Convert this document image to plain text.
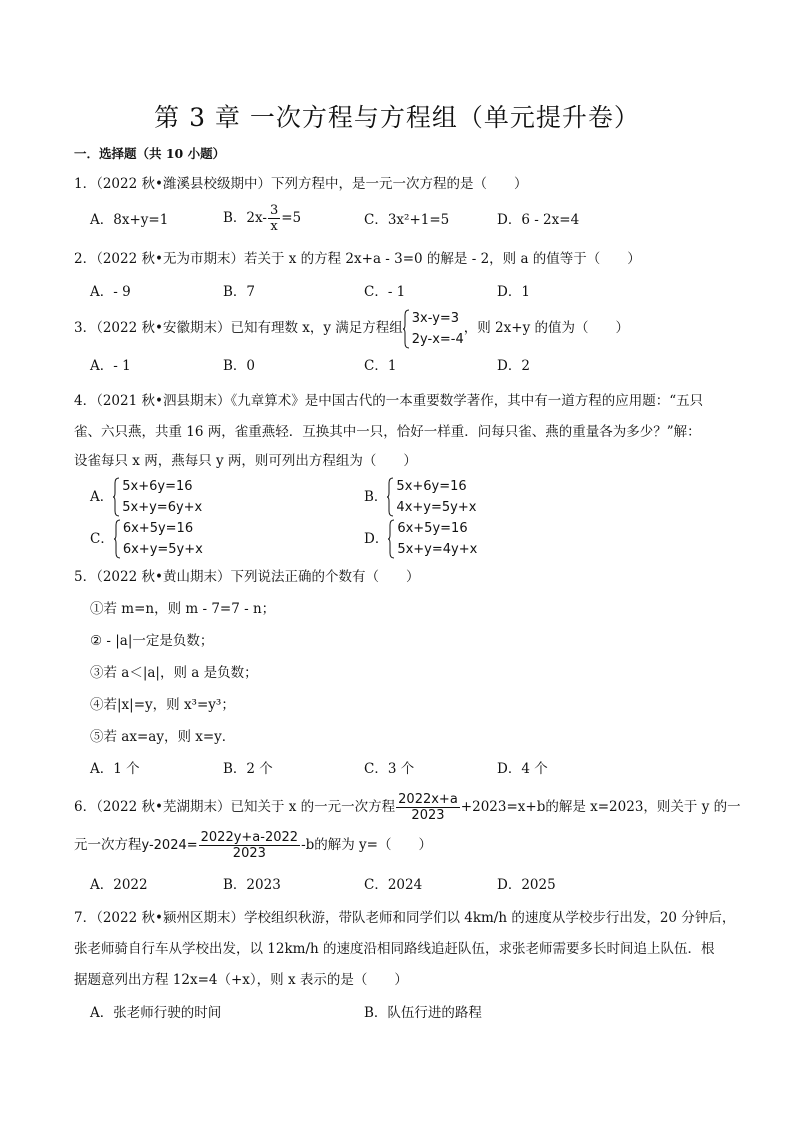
第 3 章 一次方程与方程组（单元提升卷）
一．选择题（共 10 小题）
1．（2022 秋•潍溪县校级期中）下列方程中，是一元一次方程的是（　　）
A．8x+y=1	B．$2x- \frac{3}{x} =5$	C．3x²+1=5	D．6 - 2x=4
2．（2022 秋•无为市期末）若关于 x 的方程 2x+a - 3=0 的解是 - 2，则 a 的值等于（　　）
A．- 9	B．7	C．- 1	D．1
3．（2022 秋•安徽期末）已知有理数 x，y 满足方程组
3x-y=3
2y-x=-4
，则 2x+y 的值为（　　）
A．- 1	B．0	C．1	D．2
4．（2021 秋•泗县期末）《九章算术》是中国古代的一本重要数学著作，其中有一道方程的应用题：“五只
雀、六只燕，共重 16 两，雀重燕轻．互换其中一只，恰好一样重．问每只雀、燕的重量各为多少？”解：
设雀每只 x 两，燕每只 y 两，则可列出方程组为（　　）
A．
5x+6y=16
5x+y=6y+x
B．
5x+6y=16
4x+y=5y+x
C．
6x+5y=16
6x+y=5y+x
D．
6x+5y=16
5x+y=4y+x
5．（2022 秋•黄山期末）下列说法正确的个数有（　　）
①若 m=n，则 m - 7=7 - n；
② - |a|一定是负数；
③若 a＜|a|，则 a 是负数；
④若|x|=y，则 x³=y³；
⑤若 ax=ay，则 x=y．
A．1 个	B．2 个	C．3 个	D．4 个
6．（2022 秋•芜湖期末）已知关于 x 的一元一次方程 $\frac{2022x+a}{2023} +2023=x+b$的解是 x=2023，则关于 y 的一
元一次方程$y-2024= \frac{2022y+a-2022}{2023} -b$的解为 y=（　　）
A．2022	B．2023	C．2024	D．2025
7．（2022 秋•颍州区期末）学校组织秋游，带队老师和同学们以 4km/h 的速度从学校步行出发，20 分钟后，
张老师骑自行车从学校出发，以 12km/h 的速度沿相同路线追赶队伍，求张老师需要多长时间追上队伍．根
据题意列出方程 12x=4（+x），则 x 表示的是（　　）
A．张老师行驶的时间	B．队伍行进的路程
